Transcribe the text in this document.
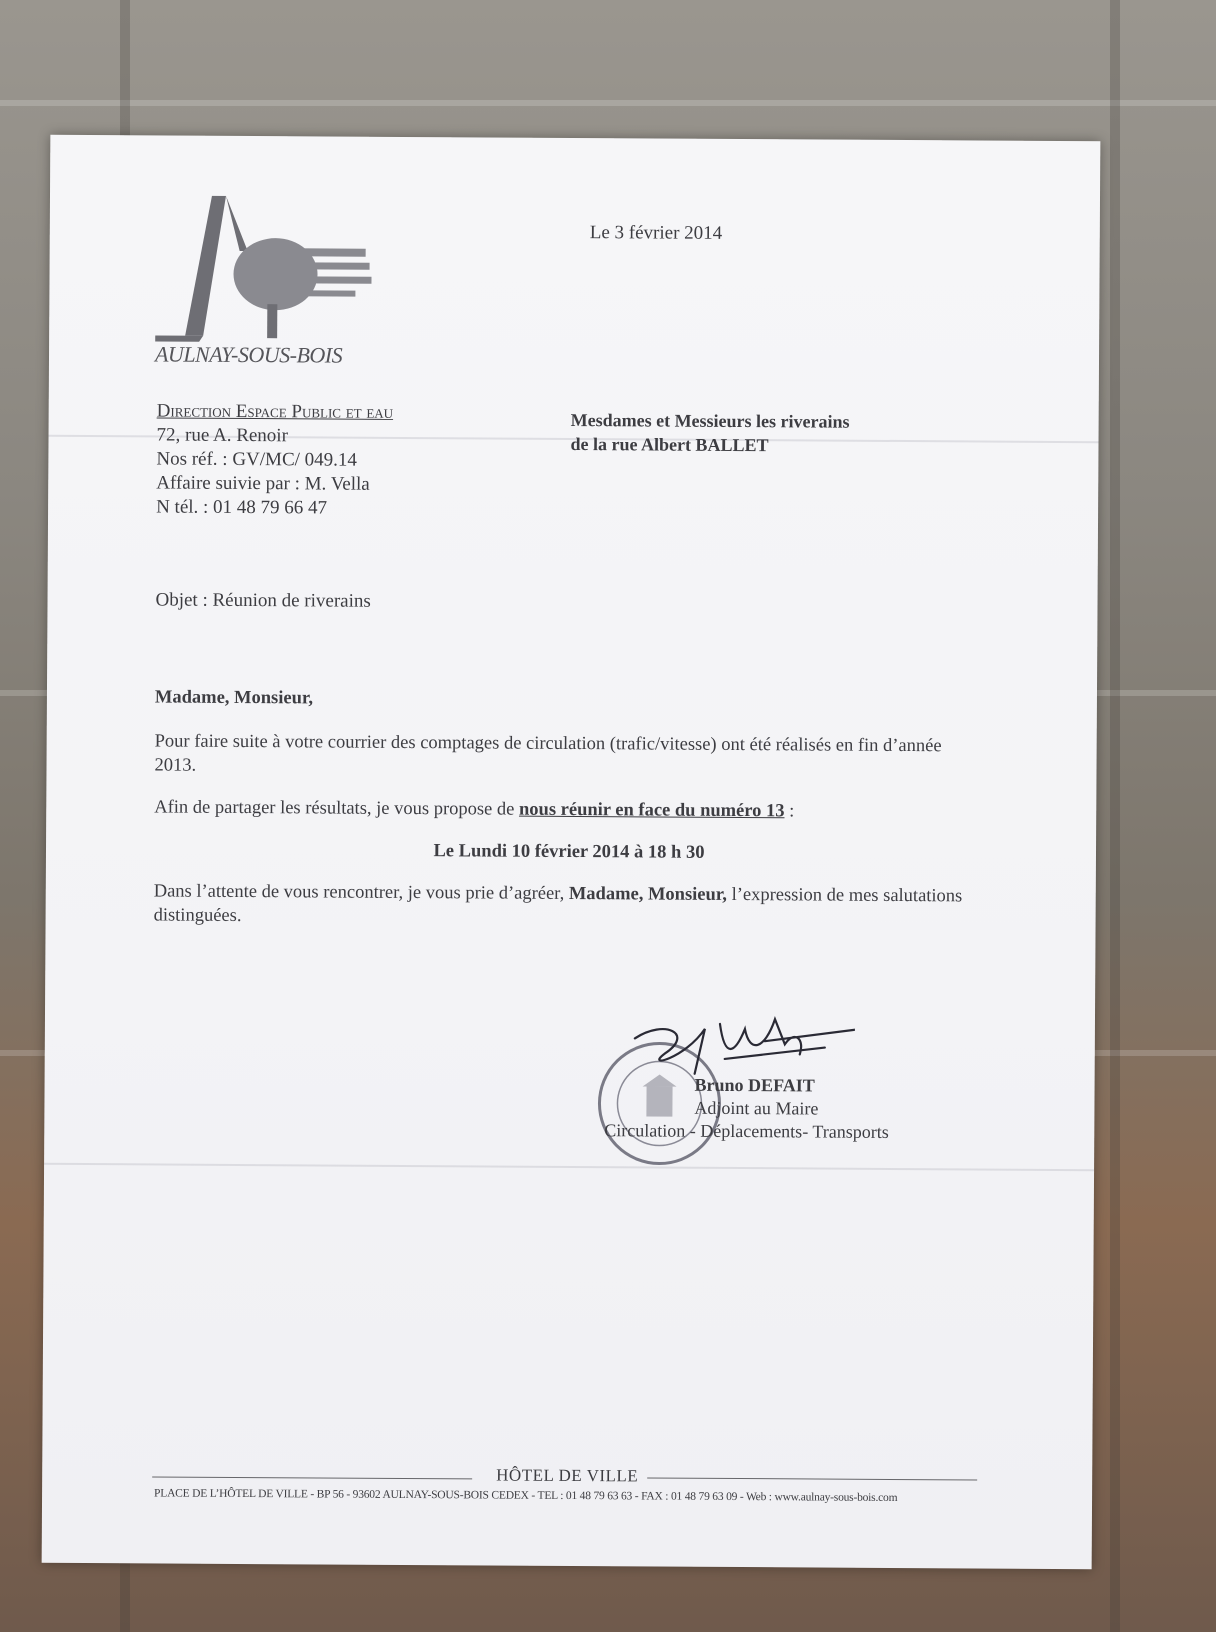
AULNAY-SOUS-BOIS
Le 3 février 2014
Direction Espace Public et eau
72, rue A. Renoir
Nos réf. : GV/MC/ 049.14
Affaire suivie par : M. Vella
N tél. : 01 48 79 66 47
Mesdames et Messieurs les riverains
de la rue Albert BALLET
Objet : Réunion de riverains

Madame, Monsieur,

Pour faire suite à votre courrier des comptages de circulation (trafic/vitesse) ont été réalisés en fin d’année 2013.

Afin de partager les résultats, je vous propose de nous réunir en face du numéro 13 :

Le Lundi 10 février 2014 à 18 h 30

Dans l’attente de vous rencontrer, je vous prie d’agréer, Madame, Monsieur, l’expression de mes salutations distinguées.

Bruno DEFAIT
Adjoint au Maire
Circulation - Déplacements- Transports
HÔTEL DE VILLE
PLACE DE L’HÔTEL DE VILLE - BP 56 - 93602 AULNAY-SOUS-BOIS CEDEX - TEL : 01 48 79 63 63 - FAX : 01 48 79 63 09 - Web : www.aulnay-sous-bois.com
